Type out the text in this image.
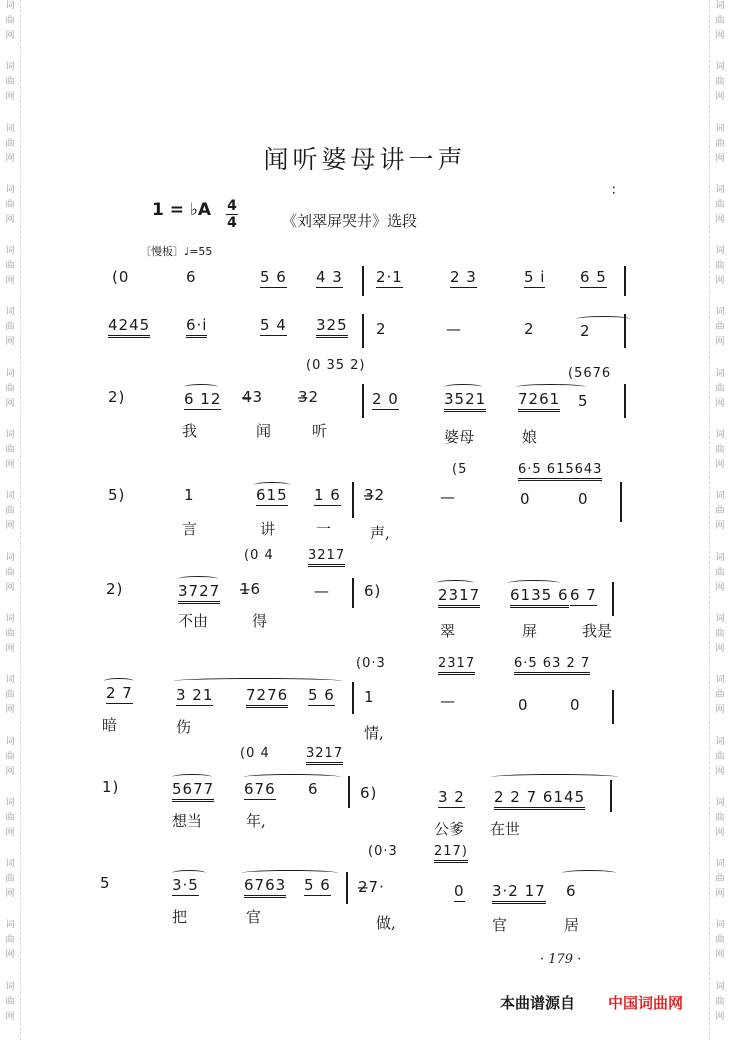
词
曲
网
词
曲
网
词
曲
网
词
曲
网
词
曲
网
词
曲
网
词
曲
网
词
曲
网
词
曲
网
词
曲
网
词
曲
网
词
曲
网
词
曲
网
词
曲
网
词
曲
网
词
曲
网
词
曲
网
词
曲
网
词
曲
网
词
曲
网
词
曲
网
词
曲
网
词
曲
网
词
曲
网
词
曲
网
词
曲
网
词
曲
网
词
曲
网
词
曲
网
词
曲
网
词
曲
网
词
曲
网
词
曲
网
词
曲
网
闻听婆母讲一声
1 = ♭A 4
4	《刘翠屏哭井》选段
〔慢板〕♩=55
∶
(0	6	5 6 4 3 2·1	2 3	5 i 6 5
4245 6·i	5 4 325 2	—	2	2
(0 35 2)
(5676
2)	6 12 4̶3 3̶2	2 0	3521 7261 5
我	闻	听	婆母	娘
(5	6·5 615643
5)	1	615 1 6 3̶2	—	0	0
言	讲	一	声,
(0 4	3217
2)	3727 1̶6	— 6)	2317 6135 6 6 7
不由	得
翠	屏	我是
(0·3	2317	6·5 63 2 7
2 7	3 21 7276 5 6 1	—	0	0
暗	伤	情,
(0 4	3217
1)	5677 676 6	6)	3 2 2 2 7 6145
想当	年,	公爹 在世
(0·3	217)
5	3·5	6763 5 6 2̶7·	0 3·2 17 6
把	官	做,	官	居
· 179 ·
本曲谱源自 中国词曲网
